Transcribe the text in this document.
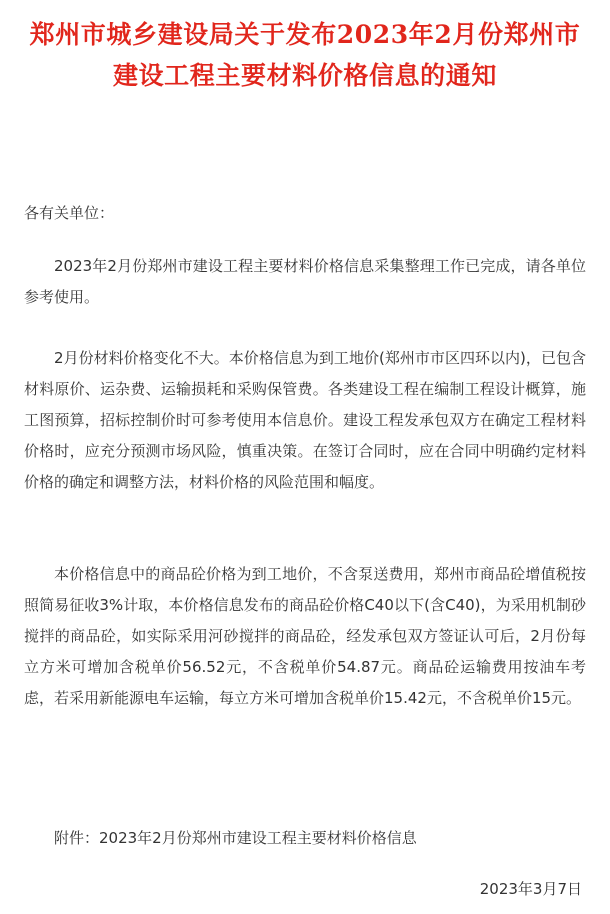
郑州市城乡建设局关于发布2023年2月份郑州市建设工程主要材料价格信息的通知

各有关单位：

2023年2月份郑州市建设工程主要材料价格信息采集整理工作已完成，请各单位参考使用。

2月份材料价格变化不大。本价格信息为到工地价(郑州市市区四环以内)，已包含材料原价、运杂费、运输损耗和采购保管费。各类建设工程在编制工程设计概算，施工图预算，招标控制价时可参考使用本信息价。建设工程发承包双方在确定工程材料价格时，应充分预测市场风险，慎重决策。在签订合同时，应在合同中明确约定材料价格的确定和调整方法，材料价格的风险范围和幅度。

本价格信息中的商品砼价格为到工地价，不含泵送费用，郑州市商品砼增值税按照简易征收3%计取，本价格信息发布的商品砼价格C40以下(含C40)，为采用机制砂搅拌的商品砼，如实际采用河砂搅拌的商品砼，经发承包双方签证认可后，2月份每立方米可增加含税单价56.52元，不含税单价54.87元。商品砼运输费用按油车考虑，若采用新能源电车运输，每立方米可增加含税单价15.42元，不含税单价15元。

附件：2023年2月份郑州市建设工程主要材料价格信息

2023年3月7日
